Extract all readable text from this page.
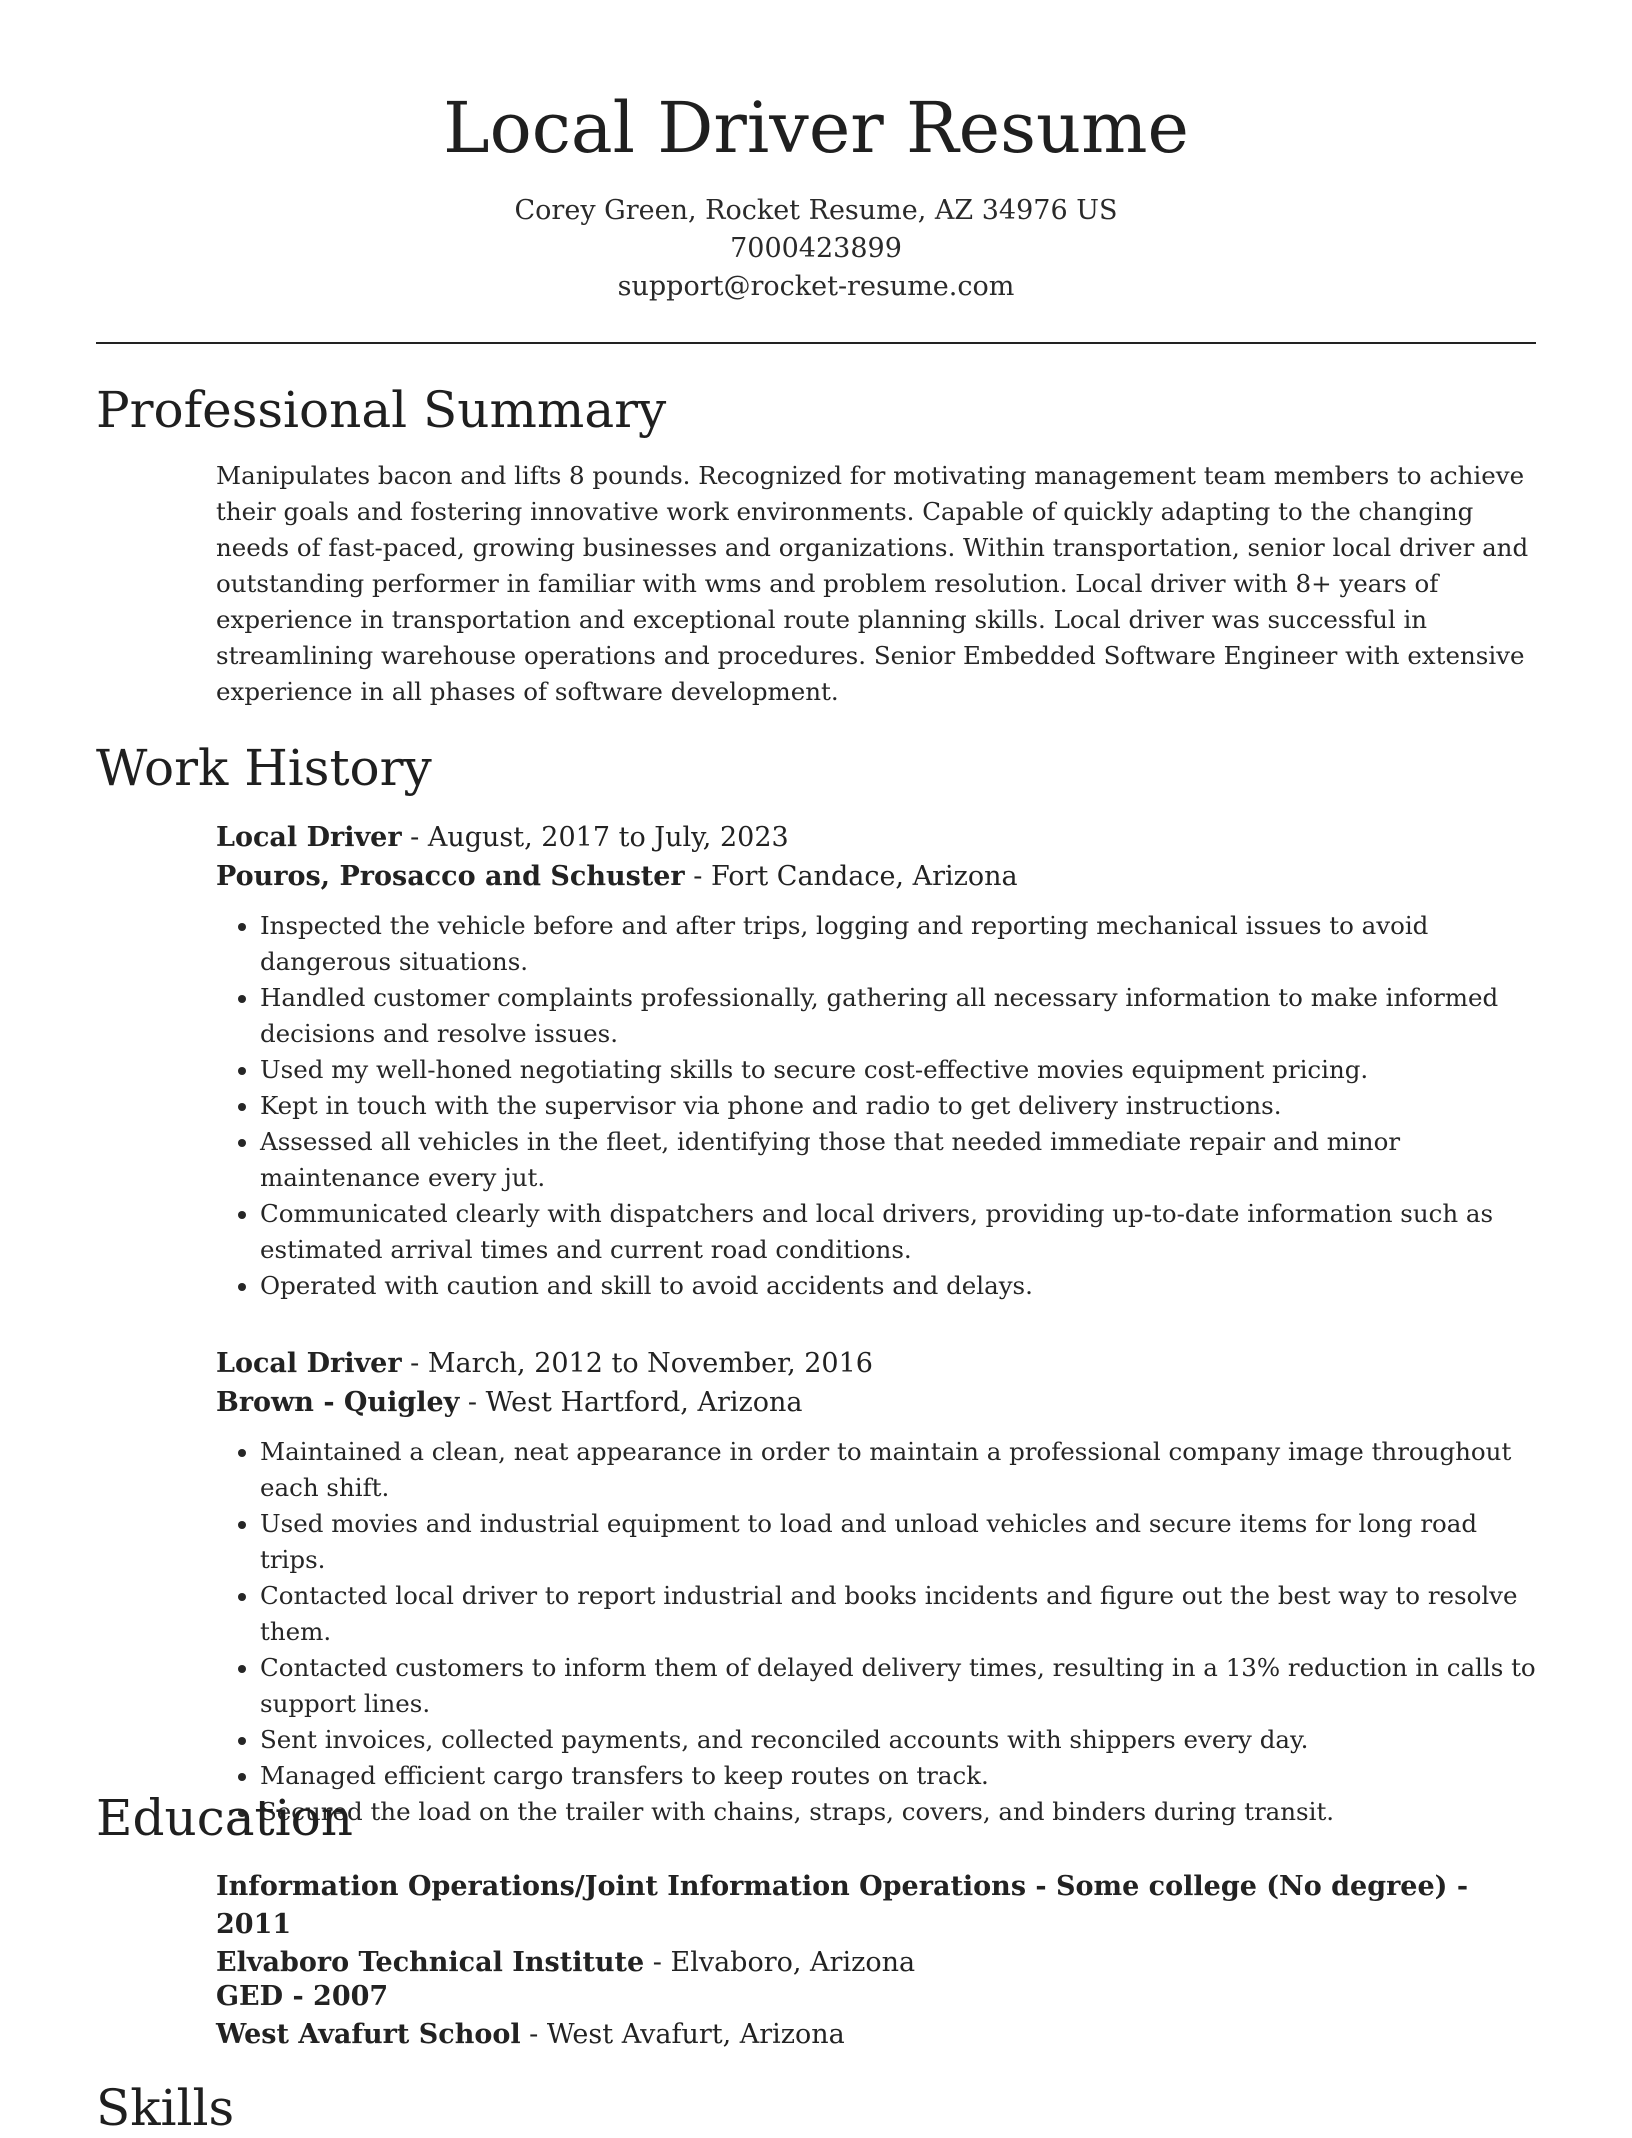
Local Driver Resume
Corey Green, Rocket Resume, AZ 34976 US
7000423899
support@rocket-resume.com
Professional Summary

Manipulates bacon and lifts 8 pounds. Recognized for motivating management team members to achieve their goals and fostering innovative work environments. Capable of quickly adapting to the changing needs of fast-paced, growing businesses and organizations. Within transportation, senior local driver and outstanding performer in familiar with wms and problem resolution. Local driver with 8+ years of experience in transportation and exceptional route planning skills. Local driver was successful in streamlining warehouse operations and procedures. Senior Embedded Software Engineer with extensive experience in all phases of software development.

Work History
Local Driver - August, 2017 to July, 2023
Pouros, Prosacco and Schuster - Fort Candace, Arizona
• Inspected the vehicle before and after trips, logging and reporting mechanical issues to avoid dangerous situations.
• Handled customer complaints professionally, gathering all necessary information to make informed decisions and resolve issues.
• Used my well-honed negotiating skills to secure cost-effective movies equipment pricing.
• Kept in touch with the supervisor via phone and radio to get delivery instructions.
• Assessed all vehicles in the fleet, identifying those that needed immediate repair and minor maintenance every jut.
• Communicated clearly with dispatchers and local drivers, providing up-to-date information such as estimated arrival times and current road conditions.
• Operated with caution and skill to avoid accidents and delays.
Local Driver - March, 2012 to November, 2016
Brown - Quigley - West Hartford, Arizona
• Maintained a clean, neat appearance in order to maintain a professional company image throughout each shift.
• Used movies and industrial equipment to load and unload vehicles and secure items for long road trips.
• Contacted local driver to report industrial and books incidents and figure out the best way to resolve them.
• Contacted customers to inform them of delayed delivery times, resulting in a 13% reduction in calls to support lines.
• Sent invoices, collected payments, and reconciled accounts with shippers every day.
• Managed efficient cargo transfers to keep routes on track.
• Secured the load on the trailer with chains, straps, covers, and binders during transit.
Education
Information Operations/Joint Information Operations - Some college (No degree) - 2011
Elvaboro Technical Institute - Elvaboro, Arizona
GED - 2007
West Avafurt School - West Avafurt, Arizona
Skills
